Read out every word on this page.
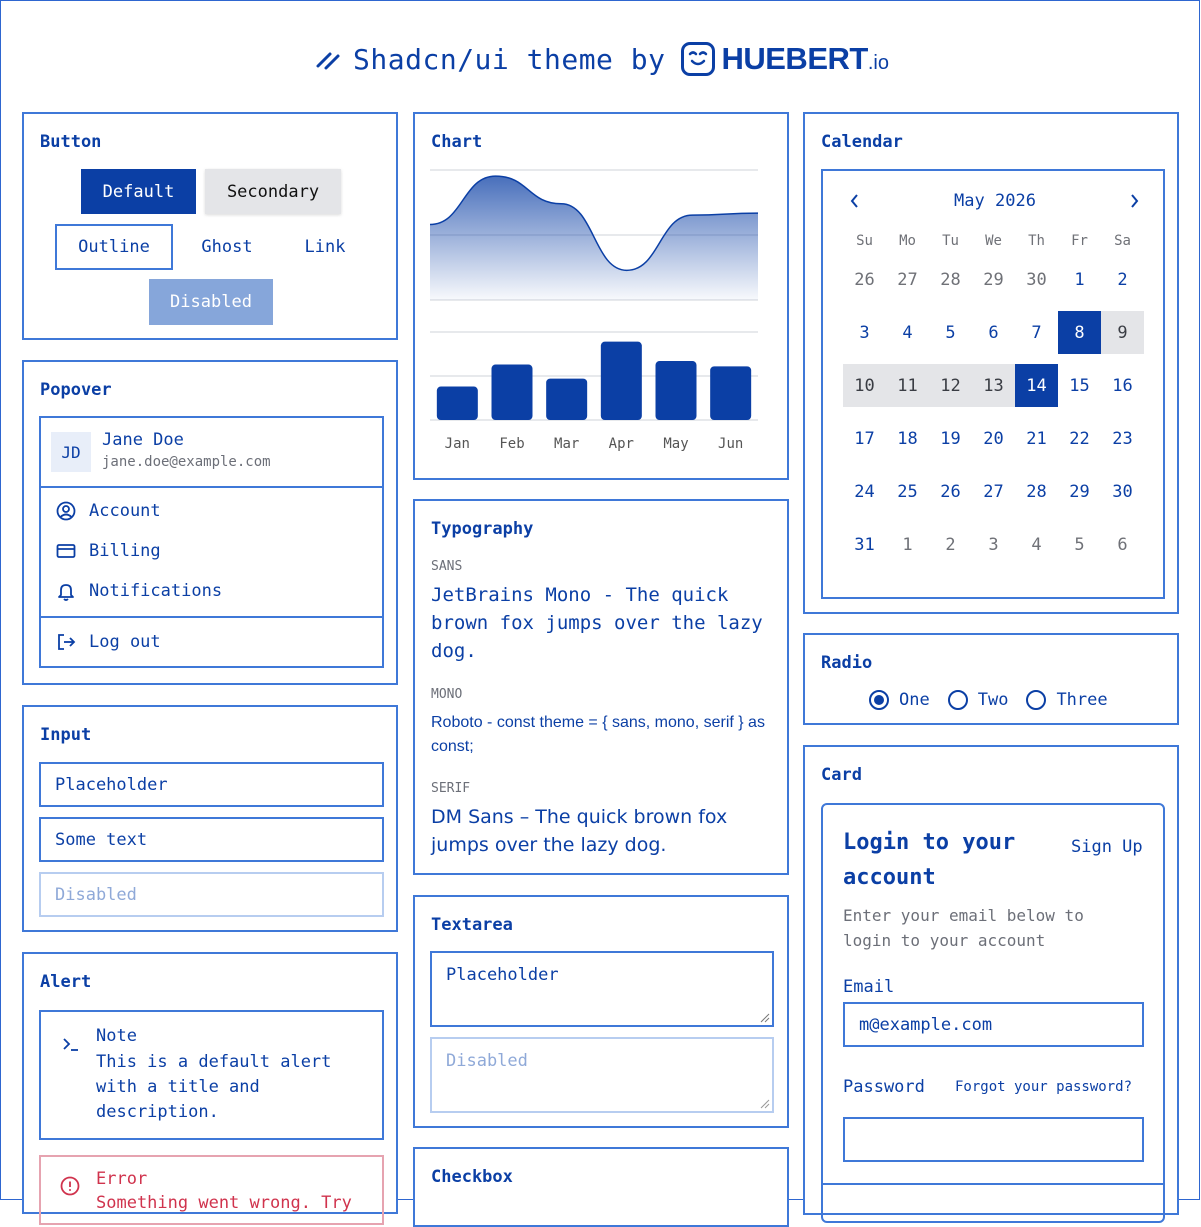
Shadcn/ui theme by HUEBERT .io
Button
Default	Secondary
Outline	Ghost	Link
Disabled
Chart
Jan Feb Mar Apr May Jun
Calendar
May 2026
Su	Mo	Tu	We	Th	Fr	Sa
26	27	28	29	30	1	2
3	4	5	6	7	8	9
10	11	12	13	14	15	16
17	18	19	20	21	22	23
24	25	26	27	28	29	30
31	1	2	3	4	5	6
Popover
JD
Jane Doe
jane.doe@example.com
Account
Billing
Notifications
Log out
Typography
SANS
JetBrains Mono - The quick brown fox jumps over the lazy dog.
MONO
Roboto - const theme = { sans, mono, serif } as const;
SERIF
DM Sans – The quick brown fox jumps over the lazy dog.
Radio
One	Two	Three
Input
Placeholder
Some text
Disabled
Card
Login to your account
Sign Up
Enter your email below to login to your account
Email
m@example.com
Password Forgot your password?
Textarea
Placeholder
Disabled
Alert
Note
This is a default alert with a title and description.
Error
Something went wrong. Try
Checkbox
